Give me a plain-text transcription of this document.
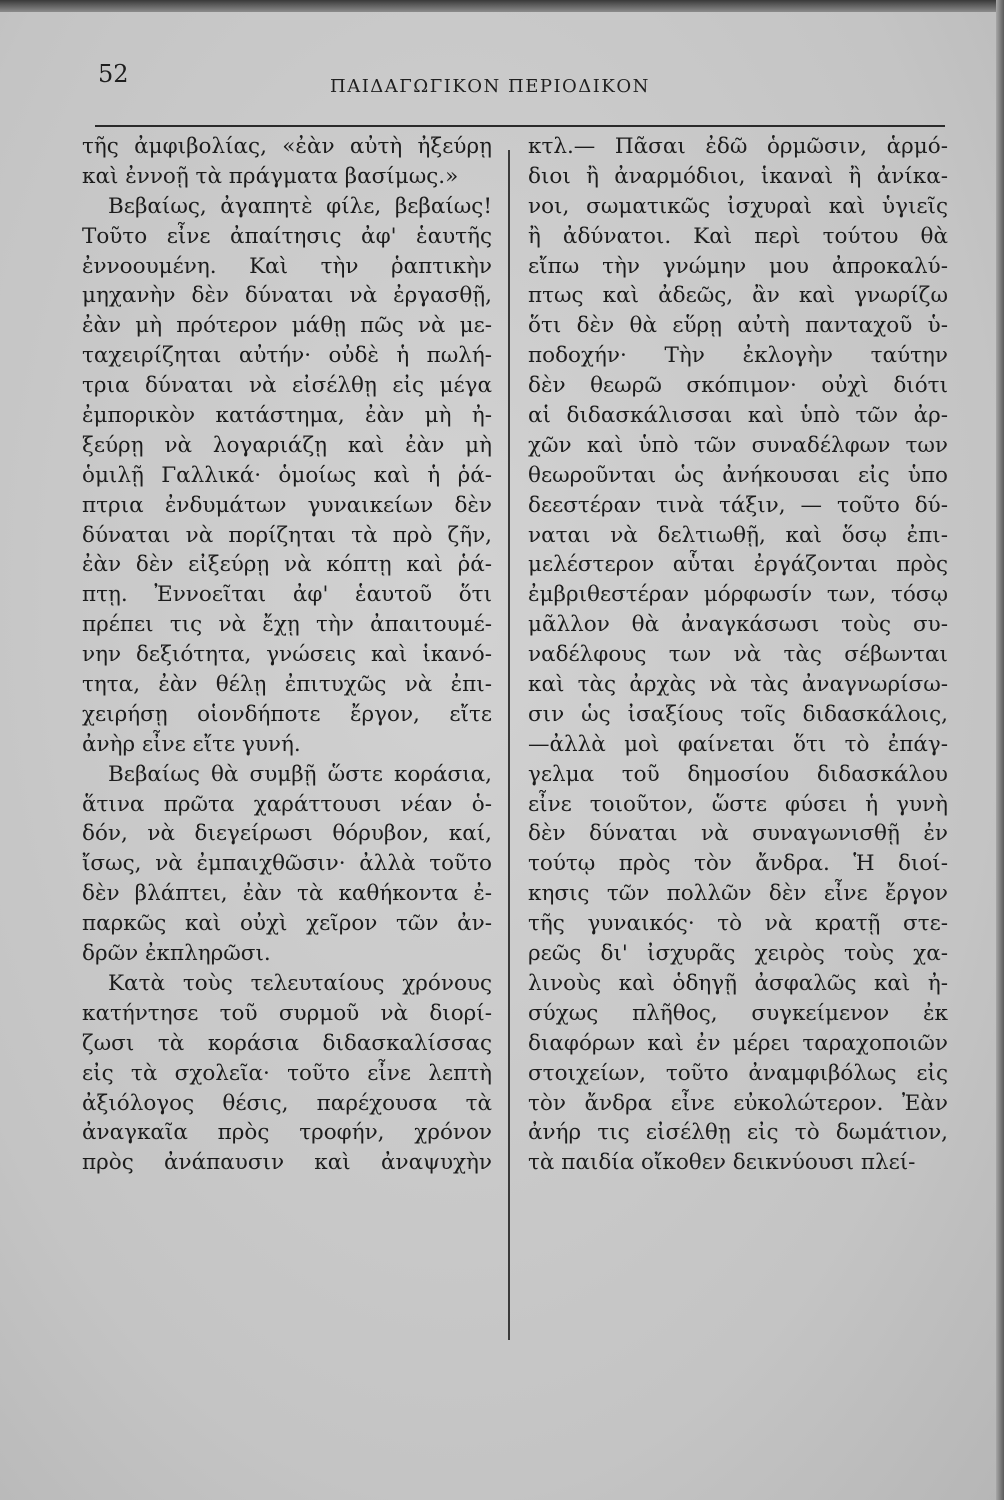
52	ΠΑΙΔΑΓΩΓΙΚΟΝ ΠΕΡΙΟΔΙΚΟΝ
τῆς ἀμφιβολίας, «ἐὰν αὐτὴ ἠξεύρῃ
καὶ ἐννοῇ τὰ πράγματα βασίμως.»
Βεβαίως, ἀγαπητὲ φίλε, βεβαίως!
Τοῦτο εἶνε ἀπαίτησις ἀφ' ἑαυτῆς
ἐννοουμένη. Καὶ τὴν ῥαπτικὴν
μηχανὴν δὲν δύναται νὰ ἐργασθῇ,
ἐὰν μὴ πρότερον μάθῃ πῶς νὰ με-
ταχειρίζηται αὐτήν· οὐδὲ ἡ πωλή-
τρια δύναται νὰ εἰσέλθῃ εἰς μέγα
ἐμπορικὸν κατάστημα, ἐὰν μὴ ἠ-
ξεύρῃ νὰ λογαριάζῃ καὶ ἐὰν μὴ
ὁμιλῇ Γαλλικά· ὁμοίως καὶ ἡ ῥά-
πτρια ἐνδυμάτων γυναικείων δὲν
δύναται νὰ πορίζηται τὰ πρὸ ζῆν,
ἐὰν δὲν εἰξεύρῃ νὰ κόπτῃ καὶ ῥά-
πτῃ. Ἐννοεῖται ἀφ' ἑαυτοῦ ὅτι
πρέπει τις νὰ ἔχῃ τὴν ἀπαιτουμέ-
νην δεξιότητα, γνώσεις καὶ ἱκανό-
τητα, ἐὰν θέλῃ ἐπιτυχῶς νὰ ἐπι-
χειρήσῃ οἱονδήποτε ἔργον, εἴτε
ἀνὴρ εἶνε εἴτε γυνή.
Βεβαίως θὰ συμβῇ ὥστε κοράσια,
ἅτινα πρῶτα χαράττουσι νέαν ὁ-
δόν, νὰ διεγείρωσι θόρυβον, καί,
ἴσως, νὰ ἐμπαιχθῶσιν· ἀλλὰ τοῦτο
δὲν βλάπτει, ἐὰν τὰ καθήκοντα ἐ-
παρκῶς καὶ οὐχὶ χεῖρον τῶν ἀν-
δρῶν ἐκπληρῶσι.
Κατὰ τοὺς τελευταίους χρόνους
κατήντησε τοῦ συρμοῦ νὰ διορί-
ζωσι τὰ κοράσια διδασκαλίσσας
εἰς τὰ σχολεῖα· τοῦτο εἶνε λεπτὴ
ἀξιόλογος θέσις, παρέχουσα τὰ
ἀναγκαῖα πρὸς τροφήν, χρόνον
πρὸς ἀνάπαυσιν καὶ ἀναψυχὴν
κτλ.— Πᾶσαι ἐδῶ ὁρμῶσιν, ἁρμό-
διοι ἢ ἀναρμόδιοι, ἱκαναὶ ἢ ἀνίκα-
νοι, σωματικῶς ἰσχυραὶ καὶ ὑγιεῖς
ἢ ἀδύνατοι. Καὶ περὶ τούτου θὰ
εἴπω τὴν γνώμην μου ἀπροκαλύ-
πτως καὶ ἀδεῶς, ἂν καὶ γνωρίζω
ὅτι δὲν θὰ εὕρῃ αὐτὴ πανταχοῦ ὑ-
ποδοχήν· Τὴν ἐκλογὴν ταύτην
δὲν θεωρῶ σκόπιμον· οὐχὶ διότι
αἱ διδασκάλισσαι καὶ ὑπὸ τῶν ἀρ-
χῶν καὶ ὑπὸ τῶν συναδέλφων των
θεωροῦνται ὡς ἀνήκουσαι εἰς ὑπο
δεεστέραν τινὰ τάξιν, — τοῦτο δύ-
ναται νὰ δελτιωθῇ, καὶ ὅσῳ ἐπι-
μελέστερον αὗται ἐργάζονται πρὸς
ἐμβριθεστέραν μόρφωσίν των, τόσῳ
μᾶλλον θὰ ἀναγκάσωσι τοὺς συ-
ναδέλφους των νὰ τὰς σέβωνται
καὶ τὰς ἀρχὰς νὰ τὰς ἀναγνωρίσω-
σιν ὡς ἰσαξίους τοῖς διδασκάλοις,
—ἀλλὰ μοὶ φαίνεται ὅτι τὸ ἐπάγ-
γελμα τοῦ δημοσίου διδασκάλου
εἶνε τοιοῦτον, ὥστε φύσει ἡ γυνὴ
δὲν δύναται νὰ συναγωνισθῇ ἐν
τούτῳ πρὸς τὸν ἄνδρα. Ἡ διοί-
κησις τῶν πολλῶν δὲν εἶνε ἔργον
τῆς γυναικός· τὸ νὰ κρατῇ στε-
ρεῶς δι' ἰσχυρᾶς χειρὸς τοὺς χα-
λινοὺς καὶ ὁδηγῇ ἀσφαλῶς καὶ ἠ-
σύχως πλῆθος, συγκείμενον ἐκ
διαφόρων καὶ ἐν μέρει ταραχοποιῶν
στοιχείων, τοῦτο ἀναμφιβόλως εἰς
τὸν ἄνδρα εἶνε εὐκολώτερον. Ἐὰν
ἀνήρ τις εἰσέλθῃ εἰς τὸ δωμάτιον,
τὰ παιδία οἴκοθεν δεικνύουσι πλεί-
